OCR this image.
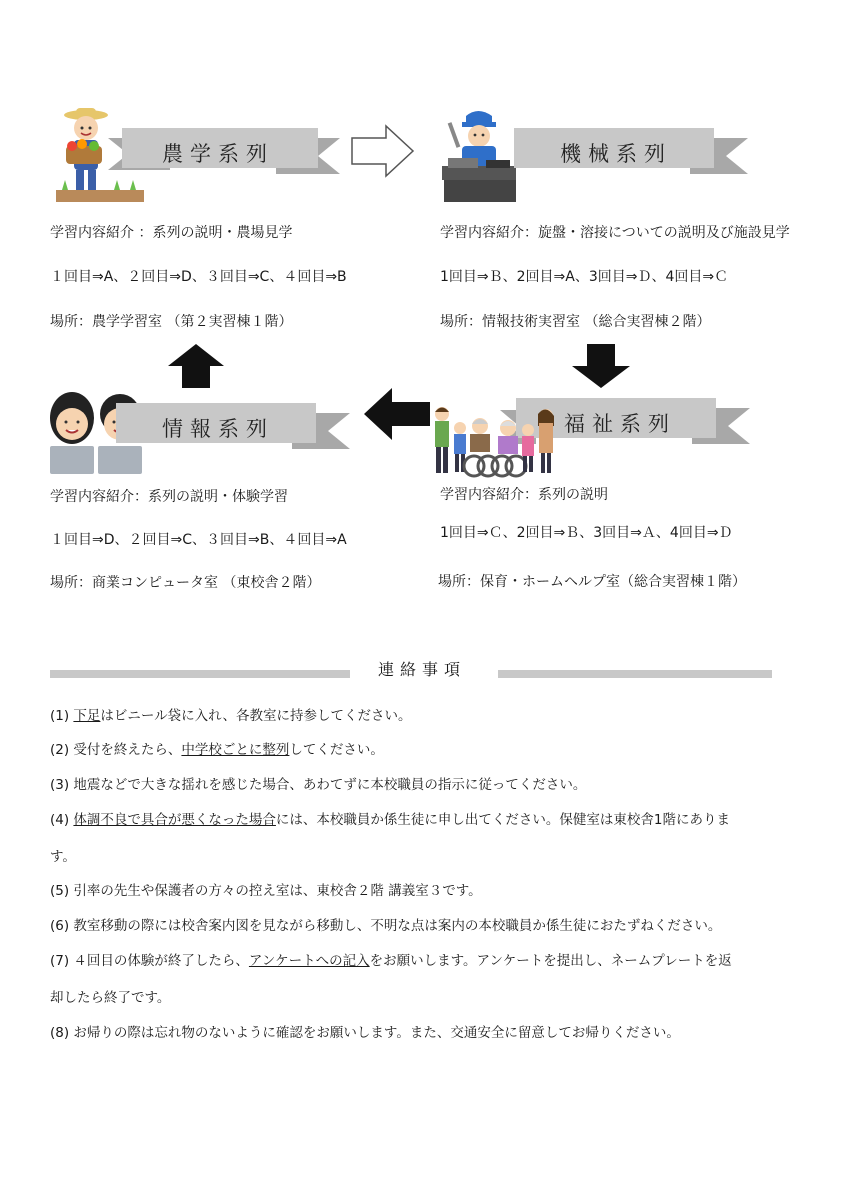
農学系列	機械系列
学習内容紹介 ：系列の説明・農場見学
１回目⇒A、２回目⇒D、３回目⇒C、４回目⇒B
場所：農学学習室 （第２実習棟１階）
学習内容紹介：旋盤・溶接についての説明及び施設見学
1回目⇒Ｂ、2回目⇒A、3回目⇒Ｄ、4回目⇒Ｃ
場所：情報技術実習室 （総合実習棟２階）
情報系列	福祉系列
学習内容紹介：系列の説明・体験学習
１回目⇒D、２回目⇒C、３回目⇒B、４回目⇒A
場所：商業コンピュータ室 （東校舎２階）
学習内容紹介：系列の説明
1回目⇒Ｃ、2回目⇒Ｂ、3回目⇒Ａ、4回目⇒Ｄ
場所：保育・ホームヘルプ室（総合実習棟１階）
連絡事項
(1) 下足はビニール袋に入れ、各教室に持参してください。
(2) 受付を終えたら、中学校ごとに整列してください。
(3) 地震などで大きな揺れを感じた場合、あわてずに本校職員の指示に従ってください。
(4) 体調不良で具合が悪くなった場合には、本校職員か係生徒に申し出てください。保健室は東校舎1階にありま
す。
(5) 引率の先生や保護者の方々の控え室は、東校舎２階 講義室３です。
(6) 教室移動の際には校舎案内図を見ながら移動し、不明な点は案内の本校職員か係生徒におたずねください。
(7) ４回目の体験が終了したら、アンケートへの記入をお願いします。アンケートを提出し、ネームプレートを返
却したら終了です。
(8) お帰りの際は忘れ物のないように確認をお願いします。また、交通安全に留意してお帰りください。
